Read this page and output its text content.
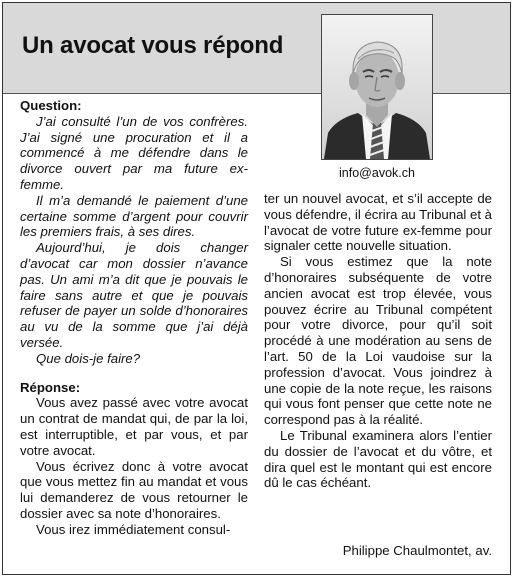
Un avocat vous répond
info@avok.ch

Question:

J’ai consulté l’un de vos confrères. J’ai signé une procuration et il a commencé à me défendre dans le divorce ouvert par ma future ex-femme.

Il m’a demandé le paiement d’une certaine somme d’argent pour couvrir les premiers frais, à ses dires.

Aujourd’hui, je dois changer d’avocat car mon dossier n’avance pas. Un ami m’a dit que je pouvais le faire sans autre et que je pouvais refuser de payer un solde d’honoraires au vu de la somme que j’ai déjà versée.

Que dois-je faire?

Réponse:

Vous avez passé avec votre avocat un contrat de mandat qui, de par la loi, est interruptible, et par vous, et par votre avocat.

Vous écrivez donc à votre avocat que vous mettez fin au mandat et vous lui demanderez de vous retourner le dossier avec sa note d’honoraires.

Vous irez immédiatement consul-

ter un nouvel avocat, et s’il accepte de vous défendre, il écrira au Tribunal et à l’avocat de votre future ex-femme pour signaler cette nouvelle situation.

Si vous estimez que la note d’honoraires subséquente de votre ancien avocat est trop élevée, vous pouvez écrire au Tribunal compétent pour votre divorce, pour qu’il soit procédé à une modération au sens de l’art. 50 de la Loi vaudoise sur la profession d’avocat. Vous joindrez à une copie de la note reçue, les raisons qui vous font penser que cette note ne correspond pas à la réalité.

Le Tribunal examinera alors l’entier du dossier de l’avocat et du vôtre, et dira quel est le montant qui est encore dû le cas échéant.

Philippe Chaulmontet, av.
